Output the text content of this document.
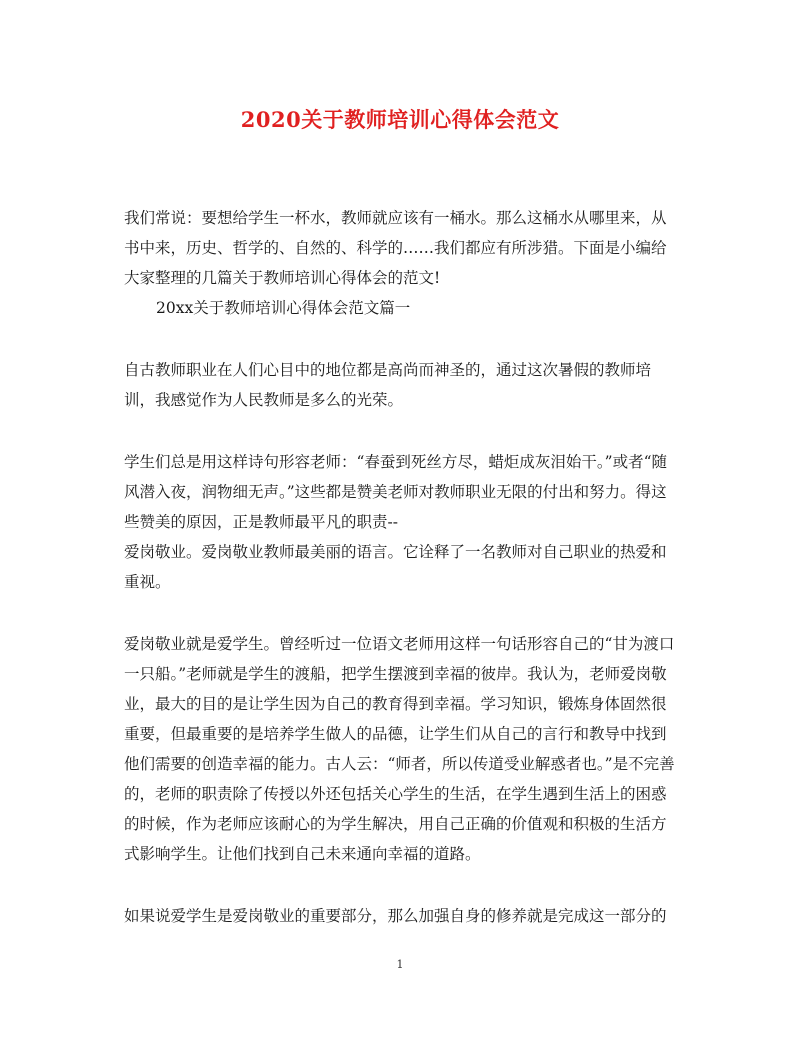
2020关于教师培训心得体会范文

我们常说：要想给学生一杯水，教师就应该有一桶水。那么这桶水从哪里来，从书中来，历史、哲学的、自然的、科学的……我们都应有所涉猎。下面是小编给大家整理的几篇关于教师培训心得体会的范文!

20xx关于教师培训心得体会范文篇一

自古教师职业在人们心目中的地位都是高尚而神圣的，通过这次暑假的教师培训，我感觉作为人民教师是多么的光荣。

学生们总是用这样诗句形容老师：“春蚕到死丝方尽，蜡炬成灰泪始干。”或者“随风潜入夜，润物细无声。”这些都是赞美老师对教师职业无限的付出和努力。得这些赞美的原因，正是教师最平凡的职责--

爱岗敬业。爱岗敬业教师最美丽的语言。它诠释了一名教师对自己职业的热爱和重视。

爱岗敬业就是爱学生。曾经听过一位语文老师用这样一句话形容自己的“甘为渡口一只船。”老师就是学生的渡船，把学生摆渡到幸福的彼岸。我认为，老师爱岗敬业，最大的目的是让学生因为自己的教育得到幸福。学习知识，锻炼身体固然很重要，但最重要的是培养学生做人的品德，让学生们从自己的言行和教导中找到他们需要的创造幸福的能力。古人云：“师者，所以传道受业解惑者也。”是不完善的，老师的职责除了传授以外还包括关心学生的生活，在学生遇到生活上的困惑的时候，作为老师应该耐心的为学生解决，用自己正确的价值观和积极的生活方式影响学生。让他们找到自己未来通向幸福的道路。

如果说爱学生是爱岗敬业的重要部分，那么加强自身的修养就是完成这一部分的

1
